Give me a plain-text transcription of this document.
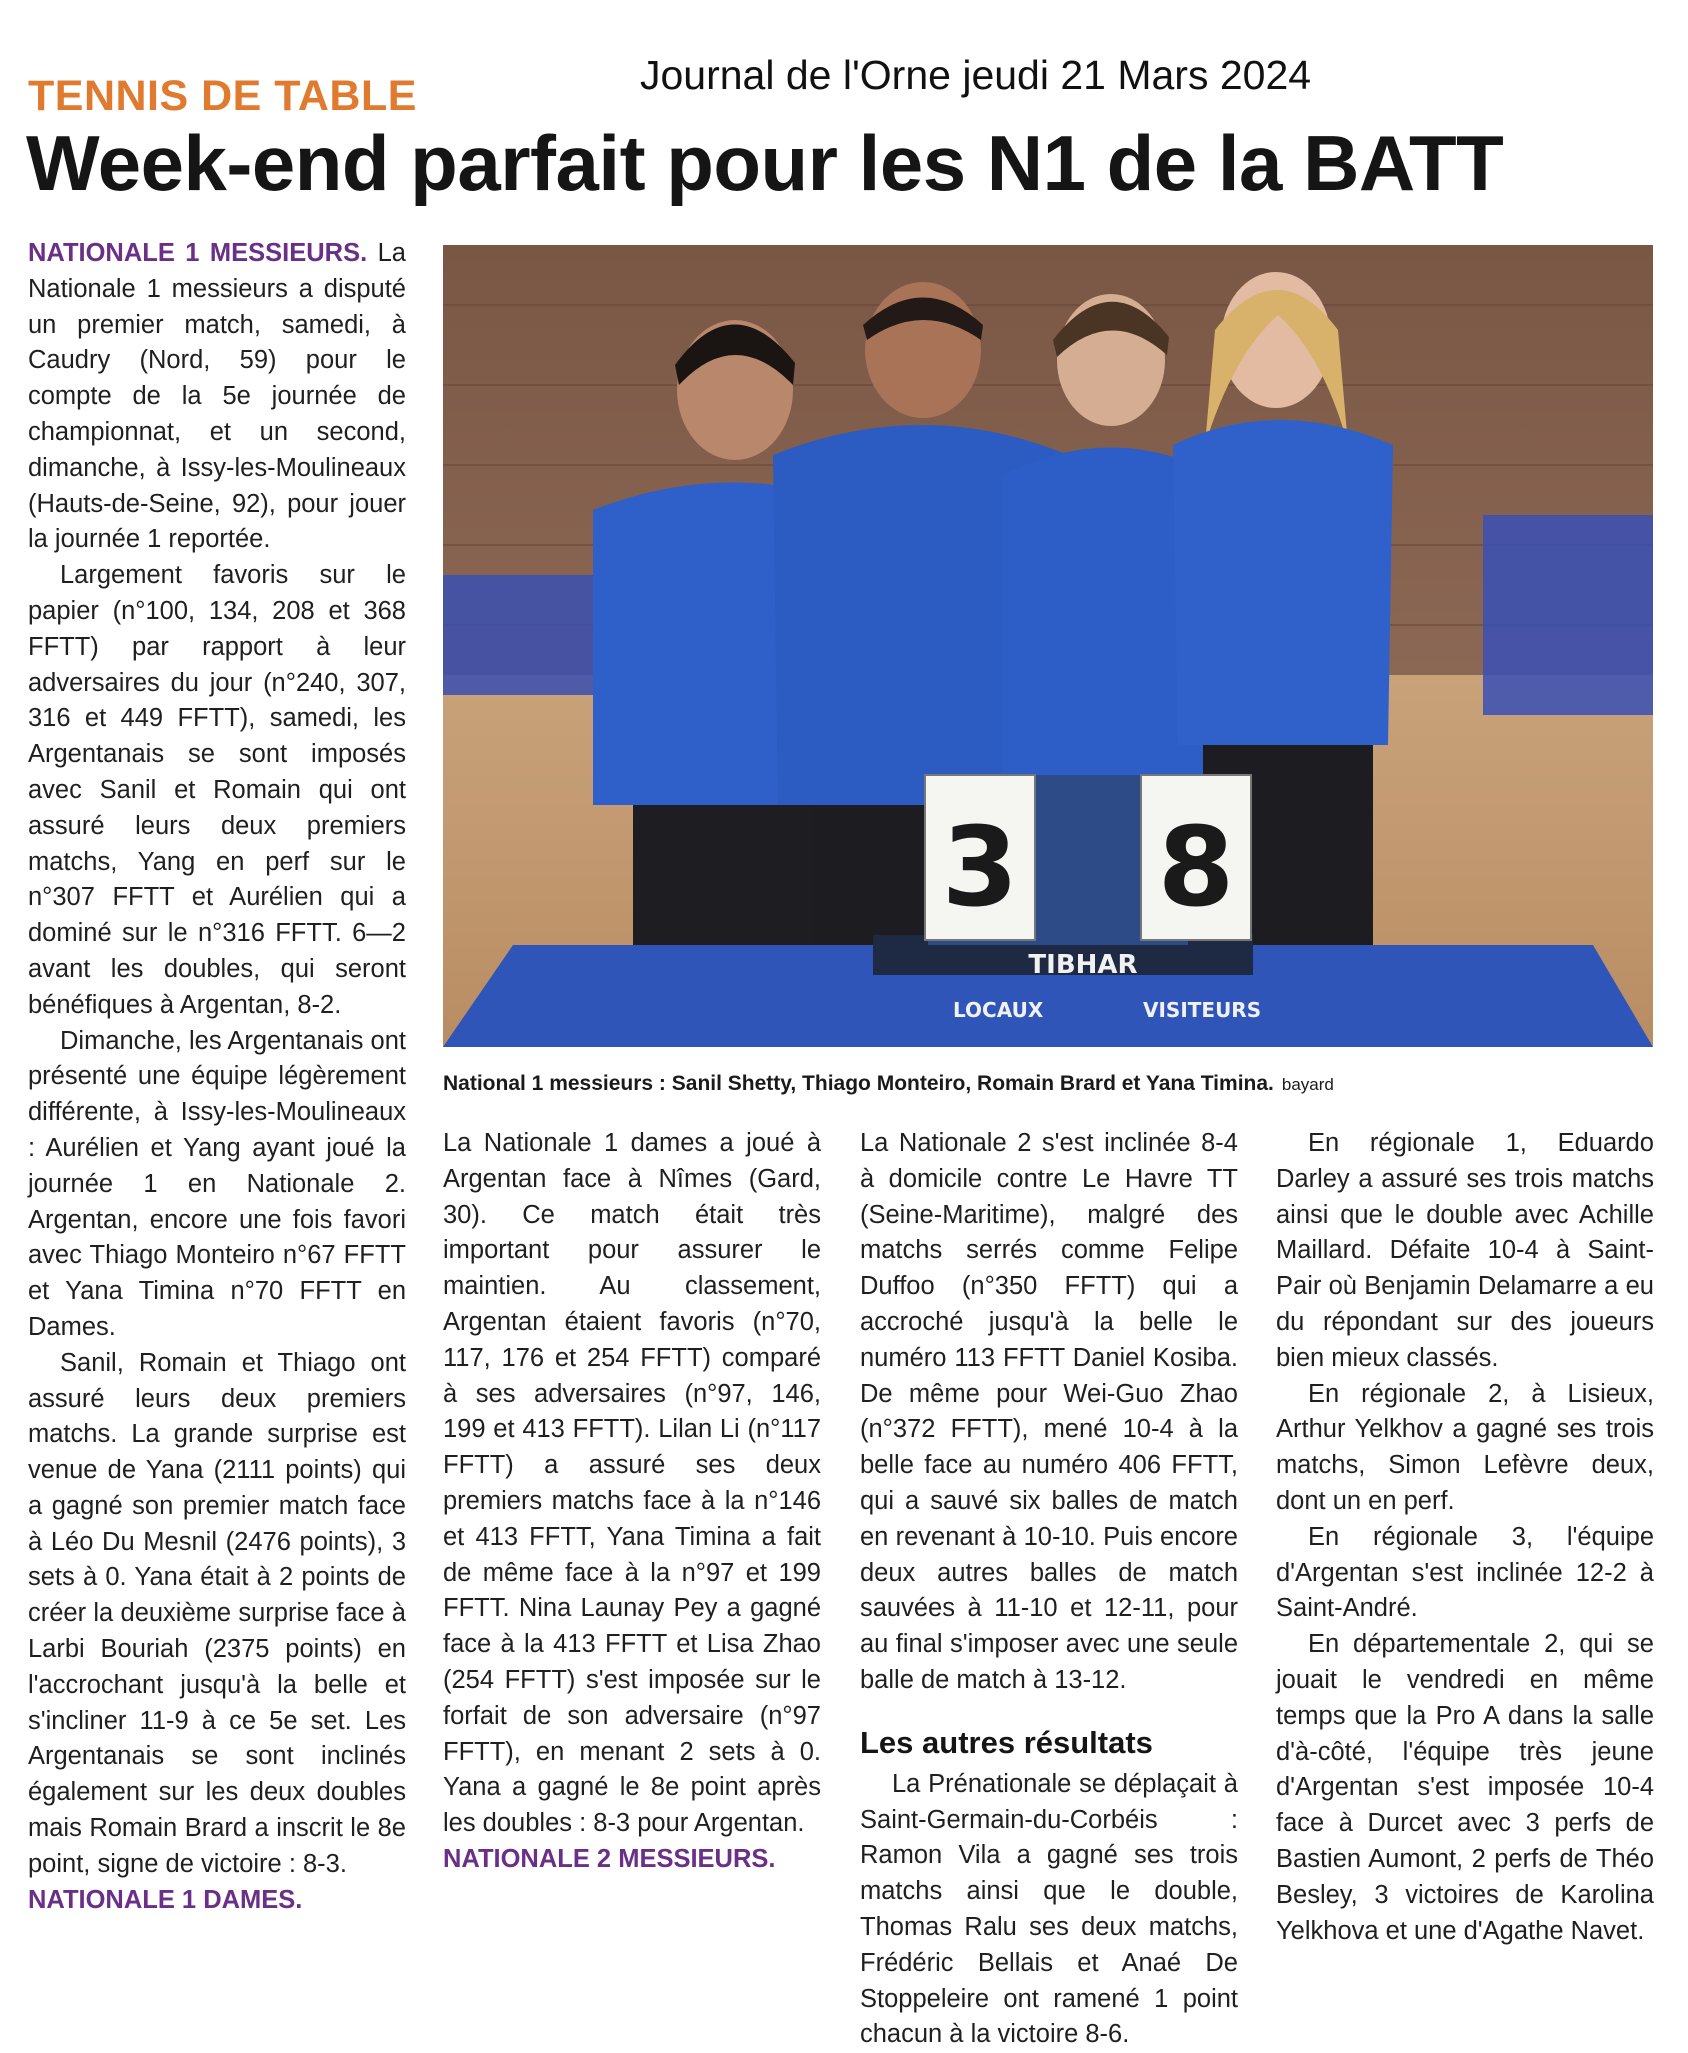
TENNIS DE TABLE	Journal de l'Orne jeudi 21 Mars 2024
Week-end parfait pour les N1 de la BATT

NATIONALE 1 MESSIEURS. La Nationale 1 messieurs a disputé un premier match, samedi, à Caudry (Nord, 59) pour le compte de la 5e journée de championnat, et un second, dimanche, à Issy-les-Moulineaux (Hauts-de-Seine, 92), pour jouer la journée 1 reportée.

Largement favoris sur le papier (n°100, 134, 208 et 368 FFTT) par rapport à leur adversaires du jour (n°240, 307, 316 et 449 FFTT), samedi, les Argentanais se sont imposés avec Sanil et Romain qui ont assuré leurs deux premiers matchs, Yang en perf sur le n°307 FFTT et Aurélien qui a dominé sur le n°316 FFTT. 6—2 avant les doubles, qui seront bénéfiques à Argentan, 8-2.

Dimanche, les Argentanais ont présenté une équipe légèrement différente, à Issy-les-Moulineaux : Aurélien et Yang ayant joué la journée 1 en Nationale 2. Argentan, encore une fois favori avec Thiago Monteiro n°67 FFTT et Yana Timina n°70 FFTT en Dames.

Sanil, Romain et Thiago ont assuré leurs deux premiers matchs. La grande surprise est venue de Yana (2111 points) qui a gagné son premier match face à Léo Du Mesnil (2476 points), 3 sets à 0. Yana était à 2 points de créer la deuxième surprise face à Larbi Bouriah (2375 points) en l'accrochant jusqu'à la belle et s'incliner 11-9 à ce 5e set. Les Argentanais se sont inclinés également sur les deux doubles mais Romain Brard a inscrit le 8e point, signe de victoire : 8-3.

NATIONALE 1 DAMES.

3 8
TIBHAR
LOCAUX	VISITEURS
National 1 messieurs : Sanil Shetty, Thiago Monteiro, Romain Brard et Yana Timina. bayard

La Nationale 1 dames a joué à Argentan face à Nîmes (Gard, 30). Ce match était très important pour assurer le maintien. Au classement, Argentan étaient favoris (n°70, 117, 176 et 254 FFTT) comparé à ses adversaires (n°97, 146, 199 et 413 FFTT). Lilan Li (n°117 FFTT) a assuré ses deux premiers matchs face à la n°146 et 413 FFTT, Yana Timina a fait de même face à la n°97 et 199 FFTT. Nina Launay Pey a gagné face à la 413 FFTT et Lisa Zhao (254 FFTT) s'est imposée sur le forfait de son adversaire (n°97 FFTT), en menant 2 sets à 0. Yana a gagné le 8e point après les doubles : 8-3 pour Argentan.

NATIONALE 2 MESSIEURS.

La Nationale 2 s'est inclinée 8-4 à domicile contre Le Havre TT (Seine-Maritime), malgré des matchs serrés comme Felipe Duffoo (n°350 FFTT) qui a accroché jusqu'à la belle le numéro 113 FFTT Daniel Kosiba. De même pour Wei-Guo Zhao (n°372 FFTT), mené 10-4 à la belle face au numéro 406 FFTT, qui a sauvé six balles de match en revenant à 10-10. Puis encore deux autres balles de match sauvées à 11-10 et 12-11, pour au final s'imposer avec une seule balle de match à 13-12.

Les autres résultats

La Prénationale se déplaçait à Saint-Germain-du-Corbéis : Ramon Vila a gagné ses trois matchs ainsi que le double, Thomas Ralu ses deux matchs, Frédéric Bellais et Anaé De Stoppeleire ont ramené 1 point chacun à la victoire 8-6.

En régionale 1, Eduardo Darley a assuré ses trois matchs ainsi que le double avec Achille Maillard. Défaite 10-4 à Saint-Pair où Benjamin Delamarre a eu du répondant sur des joueurs bien mieux classés.

En régionale 2, à Lisieux, Arthur Yelkhov a gagné ses trois matchs, Simon Lefèvre deux, dont un en perf.

En régionale 3, l'équipe d'Argentan s'est inclinée 12-2 à Saint-André.

En départementale 2, qui se jouait le vendredi en même temps que la Pro A dans la salle d'à-côté, l'équipe très jeune d'Argentan s'est imposée 10-4 face à Durcet avec 3 perfs de Bastien Aumont, 2 perfs de Théo Besley, 3 victoires de Karolina Yelkhova et une d'Agathe Navet.
